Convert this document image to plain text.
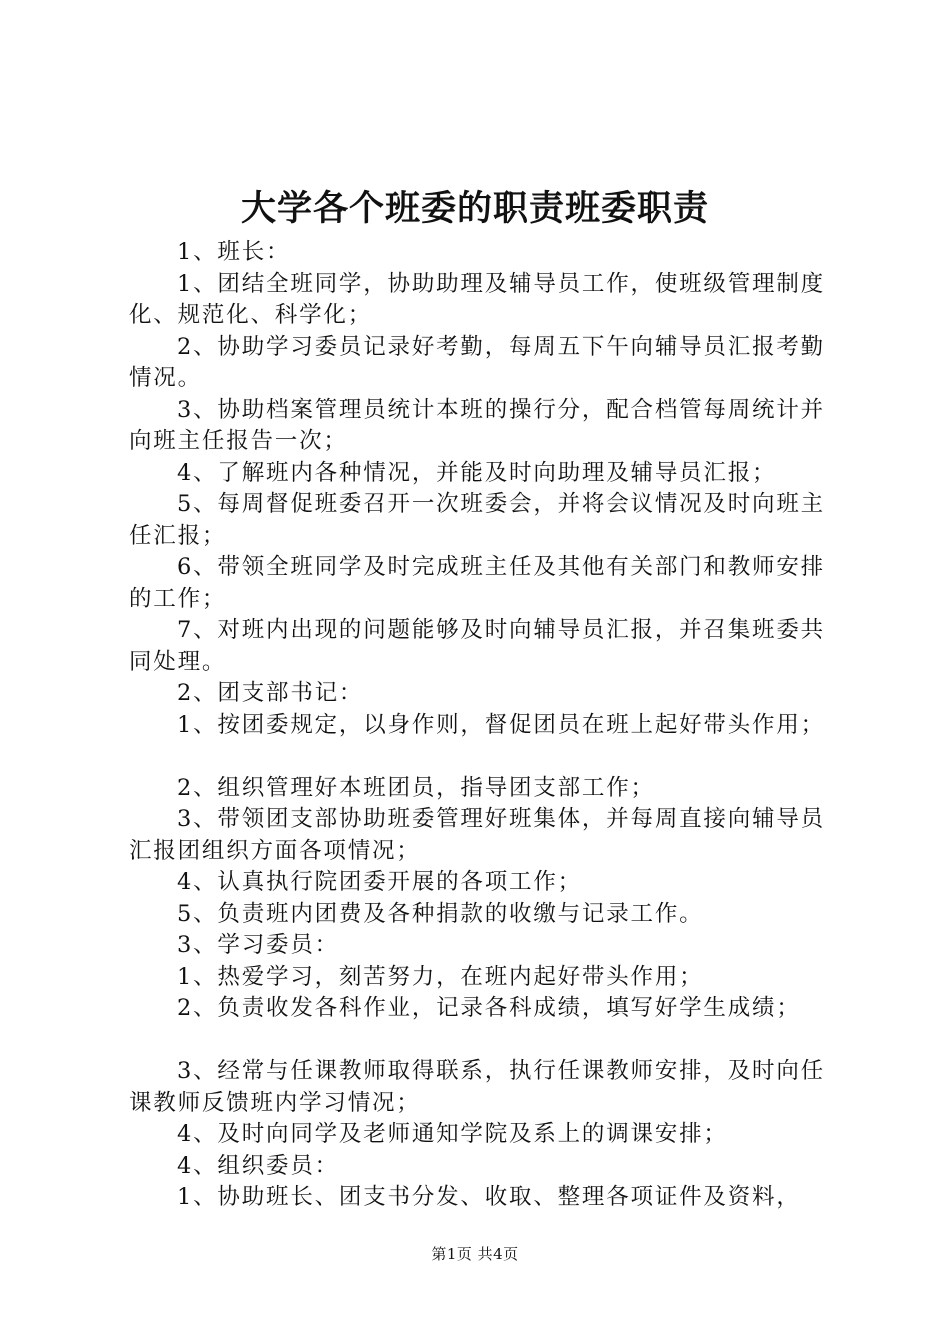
大学各个班委的职责班委职责

1、班长：

1、团结全班同学，协助助理及辅导员工作，使班级管理制度化、规范化、科学化；

2、协助学习委员记录好考勤，每周五下午向辅导员汇报考勤情况。

3、协助档案管理员统计本班的操行分，配合档管每周统计并向班主任报告一次；

4、了解班内各种情况，并能及时向助理及辅导员汇报；

5、每周督促班委召开一次班委会，并将会议情况及时向班主任汇报；

6、带领全班同学及时完成班主任及其他有关部门和教师安排的工作；

7、对班内出现的问题能够及时向辅导员汇报，并召集班委共同处理。

2、团支部书记：

1、按团委规定，以身作则，督促团员在班上起好带头作用；

2、组织管理好本班团员，指导团支部工作；

3、带领团支部协助班委管理好班集体，并每周直接向辅导员汇报团组织方面各项情况；

4、认真执行院团委开展的各项工作；

5、负责班内团费及各种捐款的收缴与记录工作。

3、学习委员：

1、热爱学习，刻苦努力，在班内起好带头作用；

2、负责收发各科作业，记录各科成绩，填写好学生成绩；

3、经常与任课教师取得联系，执行任课教师安排，及时向任课教师反馈班内学习情况；

4、及时向同学及老师通知学院及系上的调课安排；

4、组织委员：

1、协助班长、团支书分发、收取、整理各项证件及资料，

第1页 共4页
